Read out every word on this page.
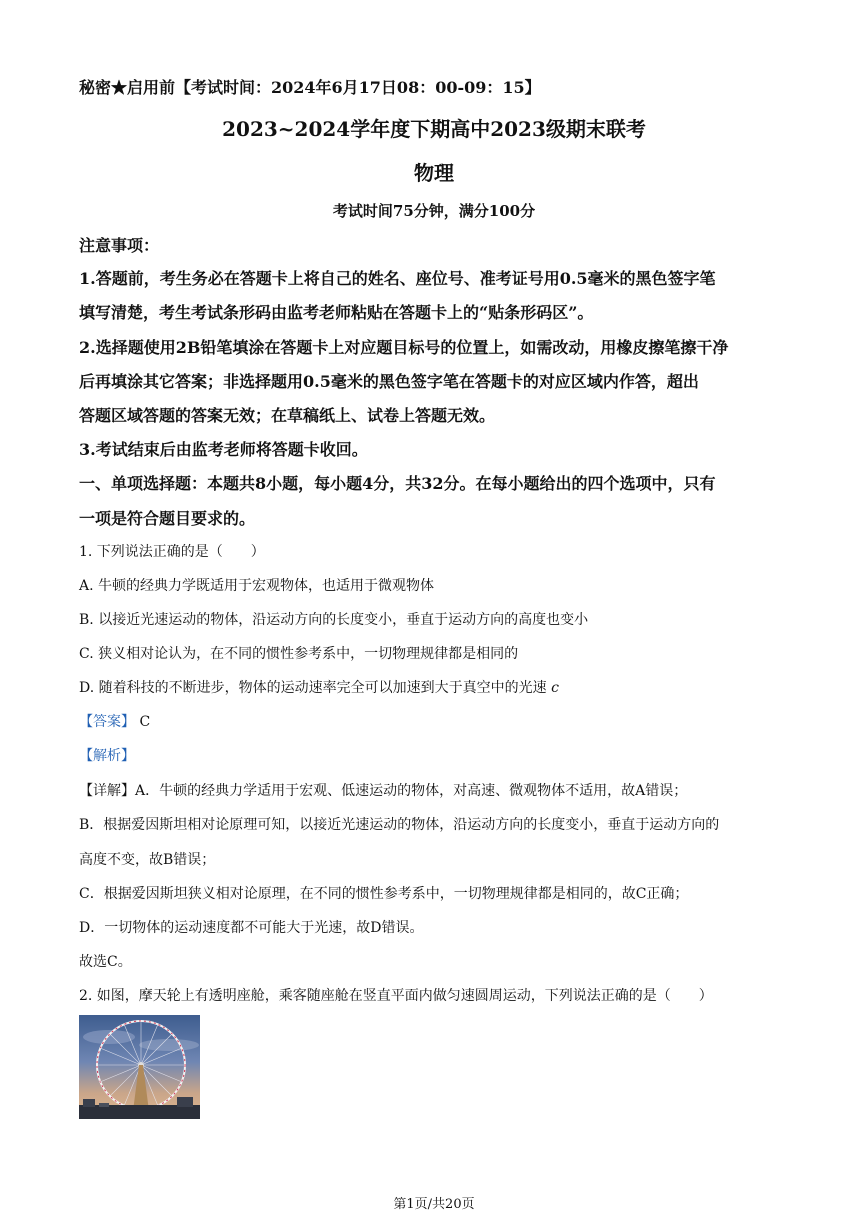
秘密★启用前【考试时间：2024年6月17日08：00-09：15】
2023~2024学年度下期高中2023级期末联考
物理
考试时间75分钟，满分100分
注意事项：
1.答题前，考生务必在答题卡上将自己的姓名、座位号、准考证号用0.5毫米的黑色签字笔
填写清楚，考生考试条形码由监考老师粘贴在答题卡上的“贴条形码区”。
2.选择题使用2B铅笔填涂在答题卡上对应题目标号的位置上，如需改动，用橡皮擦笔擦干净
后再填涂其它答案；非选择题用0.5毫米的黑色签字笔在答题卡的对应区域内作答，超出
答题区域答题的答案无效；在草稿纸上、试卷上答题无效。
3.考试结束后由监考老师将答题卡收回。
一、单项选择题：本题共8小题，每小题4分，共32分。在每小题给出的四个选项中，只有
一项是符合题目要求的。
1. 下列说法正确的是（　　）
A. 牛顿的经典力学既适用于宏观物体，也适用于微观物体
B. 以接近光速运动的物体，沿运动方向的长度变小，垂直于运动方向的高度也变小
C. 狭义相对论认为，在不同的惯性参考系中，一切物理规律都是相同的
D. 随着科技的不断进步，物体的运动速率完全可以加速到大于真空中的光速 c
【答案】 C
【解析】
【详解】A．牛顿的经典力学适用于宏观、低速运动的物体，对高速、微观物体不适用，故A错误；
B．根据爱因斯坦相对论原理可知，以接近光速运动的物体，沿运动方向的长度变小，垂直于运动方向的
高度不变，故B错误；
C．根据爱因斯坦狭义相对论原理，在不同的惯性参考系中，一切物理规律都是相同的，故C正确；
D．一切物体的运动速度都不可能大于光速，故D错误。
故选C。
2. 如图，摩天轮上有透明座舱，乘客随座舱在竖直平面内做匀速圆周运动，下列说法正确的是（　　）
第1页/共20页
